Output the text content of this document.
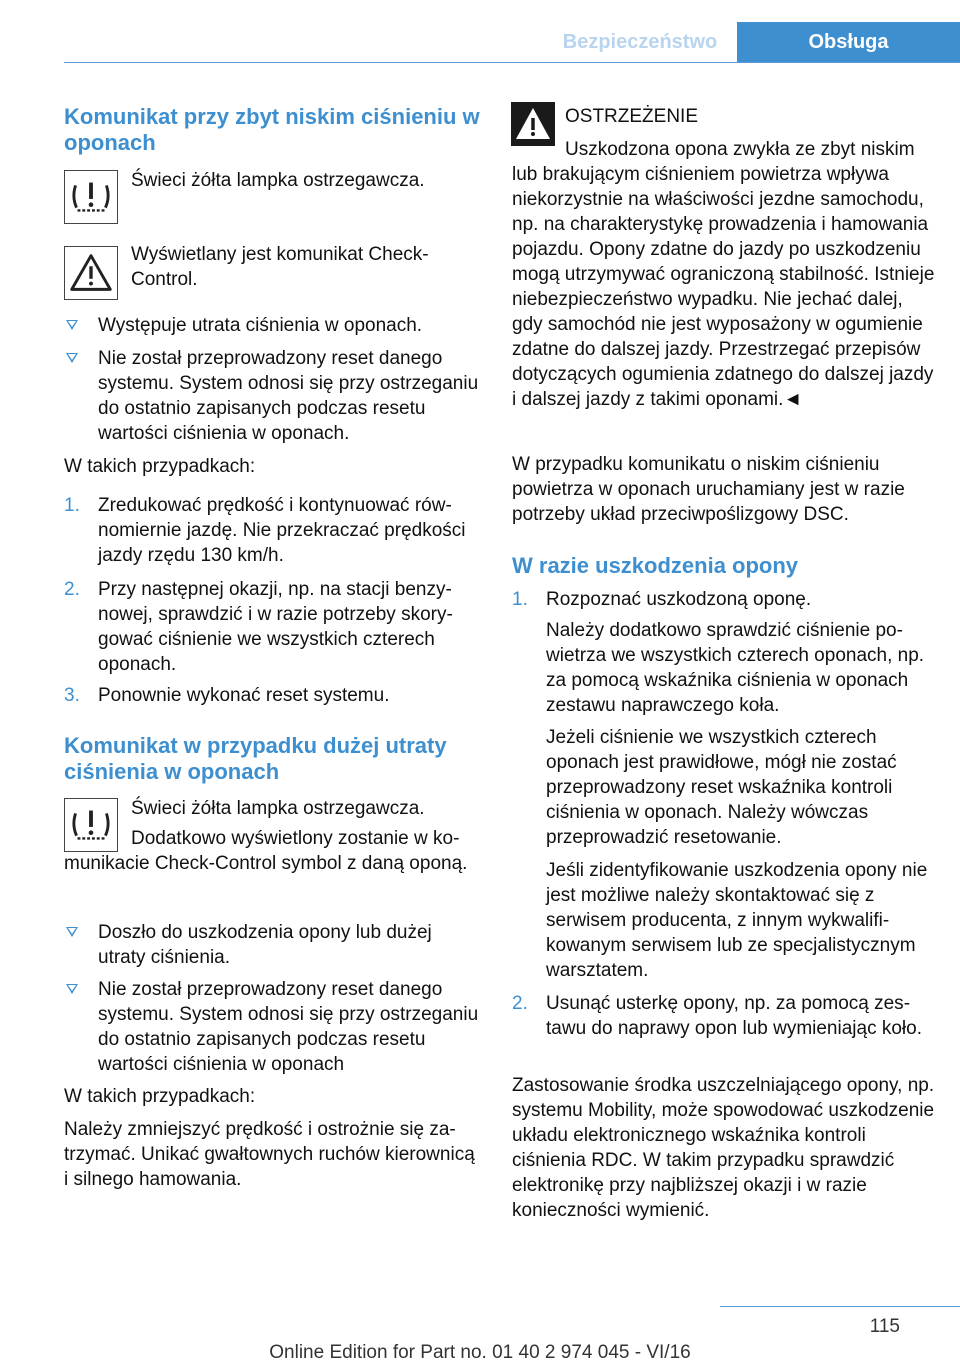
Bezpieczeństwo	Obsługa
Komunikat przy zbyt niskim ciśnieniu w oponach

Świeci żółta lampka ostrzegawcza.

Wyświetlany jest komunikat Check-Control.

Występuje utrata ciśnienia w oponach.
Nie został przeprowadzony reset danego systemu. System odnosi się przy ostrzeganiu do ostatnio zapisanych podczas resetu wartości ciśnienia w oponach.

W takich przypadkach:

1. Zredukować prędkość i kontynuować równomiernie jazdę. Nie przekraczać prędkości jazdy rzędu 130 km/h.
2. Przy następnej okazji, np. na stacji benzynowej, sprawdzić i w razie potrzeby skorygować ciśnienie we wszystkich czterech oponach.
3. Ponownie wykonać reset systemu.
Komunikat w przypadku dużej utraty ciśnienia w oponach

Świeci żółta lampka ostrzegawcza.

Dodatkowo wyświetlony zostanie w komunikacie Check-Control symbol z daną oponą.

Doszło do uszkodzenia opony lub dużej utraty ciśnienia.
Nie został przeprowadzony reset danego systemu. System odnosi się przy ostrzeganiu do ostatnio zapisanych podczas resetu wartości ciśnienia w oponach

W takich przypadkach:

Należy zmniejszyć prędkość i ostrożnie się zatrzymać. Unikać gwałtownych ruchów kierownicą i silnego hamowania.

OSTRZEŻENIE

Uszkodzona opona zwykła ze zbyt niskim lub brakującym ciśnieniem powietrza wpływa niekorzystnie na właściwości jezdne samochodu, np. na charakterystykę prowadzenia i hamowania pojazdu. Opony zdatne do jazdy po uszkodzeniu mogą utrzymywać ograniczoną stabilność. Istnieje niebezpieczeństwo wypadku. Nie jechać dalej, gdy samochód nie jest wyposażony w ogumienie zdatne do dalszej jazdy. Przestrzegać przepisów dotyczących ogumienia zdatnego do dalszej jazdy i dalszej jazdy z takimi oponami.◄

W przypadku komunikatu o niskim ciśnieniu powietrza w oponach uruchamiany jest w razie potrzeby układ przeciwpoślizgowy DSC.

W razie uszkodzenia opony
1. Rozpoznać uszkodzoną oponę.

Należy dodatkowo sprawdzić ciśnienie powietrza we wszystkich czterech oponach, np. za pomocą wskaźnika ciśnienia w oponach zestawu naprawczego koła.

Jeżeli ciśnienie we wszystkich czterech oponach jest prawidłowe, mógł nie zostać przeprowadzony reset wskaźnika kontroli ciśnienia w oponach. Należy wówczas przeprowadzić resetowanie.

Jeśli zidentyfikowanie uszkodzenia opony nie jest możliwe należy skontaktować się z serwisem producenta, z innym wykwalifikowanym serwisem lub ze specjalistycznym warsztatem.

2. Usunąć usterkę opony, np. za pomocą zestawu do naprawy opon lub wymieniając koło.

Zastosowanie środka uszczelniającego opony, np. systemu Mobility, może spowodować uszkodzenie układu elektronicznego wskaźnika kontroli ciśnienia RDC. W takim przypadku sprawdzić elektronikę przy najbliższej okazji i w razie konieczności wymienić.

115
Online Edition for Part no. 01 40 2 974 045 - VI/16
